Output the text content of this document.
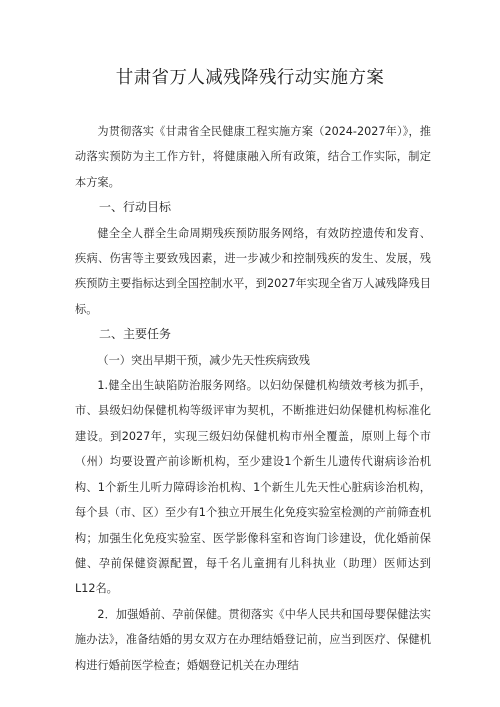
甘肃省万人减残降残行动实施方案

为贯彻落实《甘肃省全民健康工程实施方案（2024-2027年）》，推动落实预防为主工作方针，将健康融入所有政策，结合工作实际，制定本方案。

一、行动目标

健全全人群全生命周期残疾预防服务网络，有效防控遗传和发育、疾病、伤害等主要致残因素，进一步减少和控制残疾的发生、发展，残疾预防主要指标达到全国控制水平，到2027年实现全省万人减残降残目标。

二、主要任务

（一）突出早期干预，减少先天性疾病致残

1.健全出生缺陷防治服务网络。以妇幼保健机构绩效考核为抓手，市、县级妇幼保健机构等级评审为契机，不断推进妇幼保健机构标准化建设。到2027年，实现三级妇幼保健机构市州全覆盖，原则上每个市（州）均要设置产前诊断机构，至少建设1个新生儿遗传代谢病诊治机构、1个新生儿听力障碍诊治机构、1个新生儿先天性心脏病诊治机构，每个县（市、区）至少有1个独立开展生化免疫实验室检测的产前筛查机构；加强生化免疫实验室、医学影像科室和咨询门诊建设，优化婚前保健、孕前保健资源配置，每千名儿童拥有儿科执业（助理）医师达到L12名。

2．加强婚前、孕前保健。贯彻落实《中华人民共和国母婴保健法实施办法》，准备结婚的男女双方在办理结婚登记前，应当到医疗、保健机构进行婚前医学检查；婚姻登记机关在办理结
